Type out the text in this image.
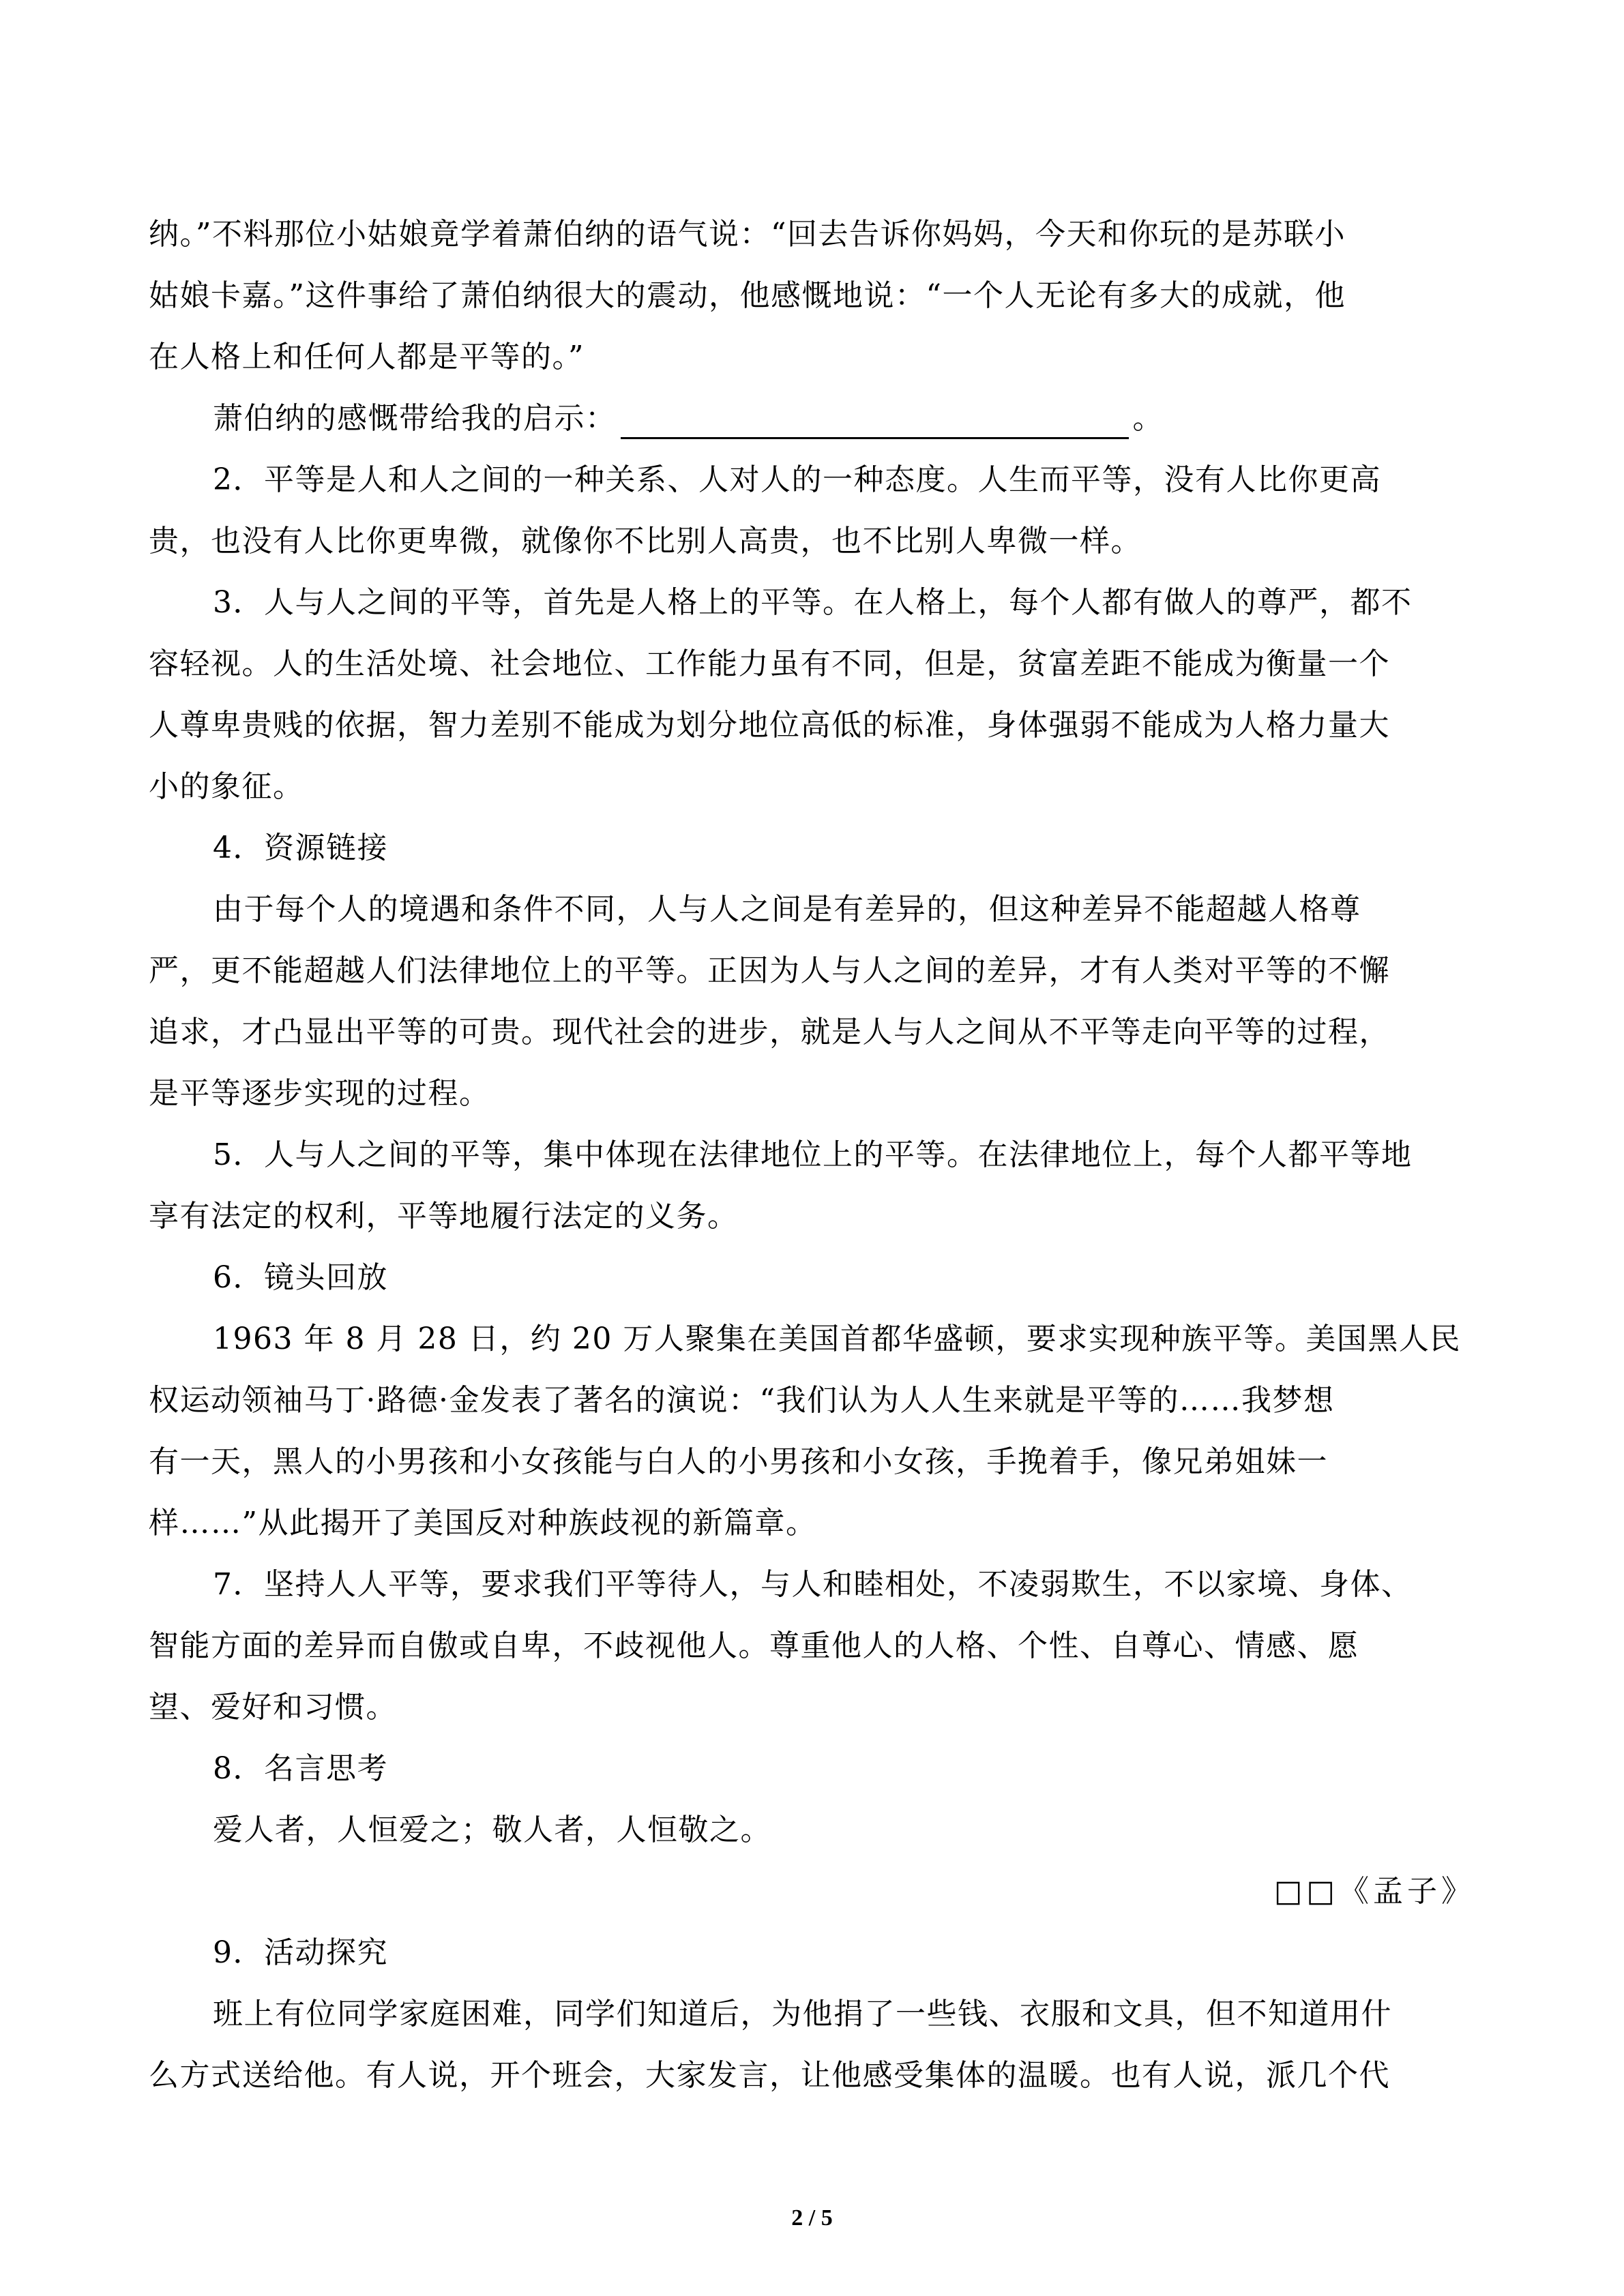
纳。”不料那位小姑娘竟学着萧伯纳的语气说：“回去告诉你妈妈，今天和你玩的是苏联小
姑娘卡嘉。”这件事给了萧伯纳很大的震动，他感慨地说：“一个人无论有多大的成就，他
在人格上和任何人都是平等的。”
萧伯纳的感慨带给我的启示：	。
2．平等是人和人之间的一种关系、人对人的一种态度。人生而平等，没有人比你更高
贵，也没有人比你更卑微，就像你不比别人高贵，也不比别人卑微一样。
3．人与人之间的平等，首先是人格上的平等。在人格上，每个人都有做人的尊严，都不
容轻视。人的生活处境、社会地位、工作能力虽有不同，但是，贫富差距不能成为衡量一个
人尊卑贵贱的依据，智力差别不能成为划分地位高低的标准，身体强弱不能成为人格力量大
小的象征。
4．资源链接
由于每个人的境遇和条件不同，人与人之间是有差异的，但这种差异不能超越人格尊
严，更不能超越人们法律地位上的平等。正因为人与人之间的差异，才有人类对平等的不懈
追求，才凸显出平等的可贵。现代社会的进步，就是人与人之间从不平等走向平等的过程，
是平等逐步实现的过程。
5．人与人之间的平等，集中体现在法律地位上的平等。在法律地位上，每个人都平等地
享有法定的权利，平等地履行法定的义务。
6．镜头回放
1963 年 8 月 28 日，约 20 万人聚集在美国首都华盛顿，要求实现种族平等。美国黑人民
权运动领袖马丁·路德·金发表了著名的演说：“我们认为人人生来就是平等的……我梦想
有一天，黑人的小男孩和小女孩能与白人的小男孩和小女孩，手挽着手，像兄弟姐妹一
样……”从此揭开了美国反对种族歧视的新篇章。
7．坚持人人平等，要求我们平等待人，与人和睦相处，不凌弱欺生，不以家境、身体、
智能方面的差异而自傲或自卑，不歧视他人。尊重他人的人格、个性、自尊心、情感、愿
望、爱好和习惯。
8．名言思考
爱人者，人恒爱之；敬人者，人恒敬之。
□□《孟子》
9．活动探究
班上有位同学家庭困难，同学们知道后，为他捐了一些钱、衣服和文具，但不知道用什
么方式送给他。有人说，开个班会，大家发言，让他感受集体的温暖。也有人说，派几个代
2 / 5
